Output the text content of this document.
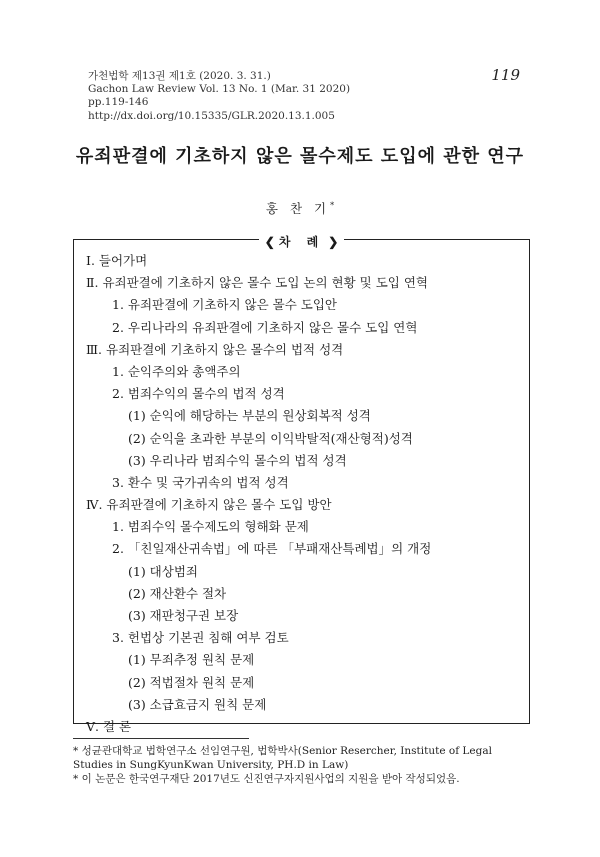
가천법학 제13권 제1호 (2020. 3. 31.)
Gachon Law Review Vol. 13 No. 1 (Mar. 31 2020)
pp.119-146
http://dx.doi.org/10.15335/GLR.2020.13.1.005
119
유죄판결에 기초하지 않은 몰수제도 도입에 관한 연구
홍 찬 기*
❮ 차 례 ❯
Ⅰ. 들어가며
Ⅱ. 유죄판결에 기초하지 않은 몰수 도입 논의 현황 및 도입 연혁
1. 유죄판결에 기초하지 않은 몰수 도입안
2. 우리나라의 유죄판결에 기초하지 않은 몰수 도입 연혁
Ⅲ. 유죄판결에 기초하지 않은 몰수의 법적 성격
1. 순익주의와 총액주의
2. 범죄수익의 몰수의 법적 성격
(1) 순익에 해당하는 부분의 원상회복적 성격
(2) 순익을 초과한 부분의 이익박탈적(재산형적)성격
(3) 우리나라 범죄수익 몰수의 법적 성격
3. 환수 및 국가귀속의 법적 성격
Ⅳ. 유죄판결에 기초하지 않은 몰수 도입 방안
1. 범죄수익 몰수제도의 형해화 문제
2. 「친일재산귀속법」에 따른 「부패재산특례법」의 개정
(1) 대상범죄
(2) 재산환수 절차
(3) 재판청구권 보장
3. 헌법상 기본권 침해 여부 검토
(1) 무죄추정 원칙 문제
(2) 적법절차 원칙 문제
(3) 소급효금지 원칙 문제
Ⅴ. 결 론

* 성균관대학교 법학연구소 선임연구원, 법학박사(Senior Resercher, Institute of Legal Studies in SungKyunKwan University, PH.D in Law)

* 이 논문은 한국연구재단 2017년도 신진연구자지원사업의 지원을 받아 작성되었음.
